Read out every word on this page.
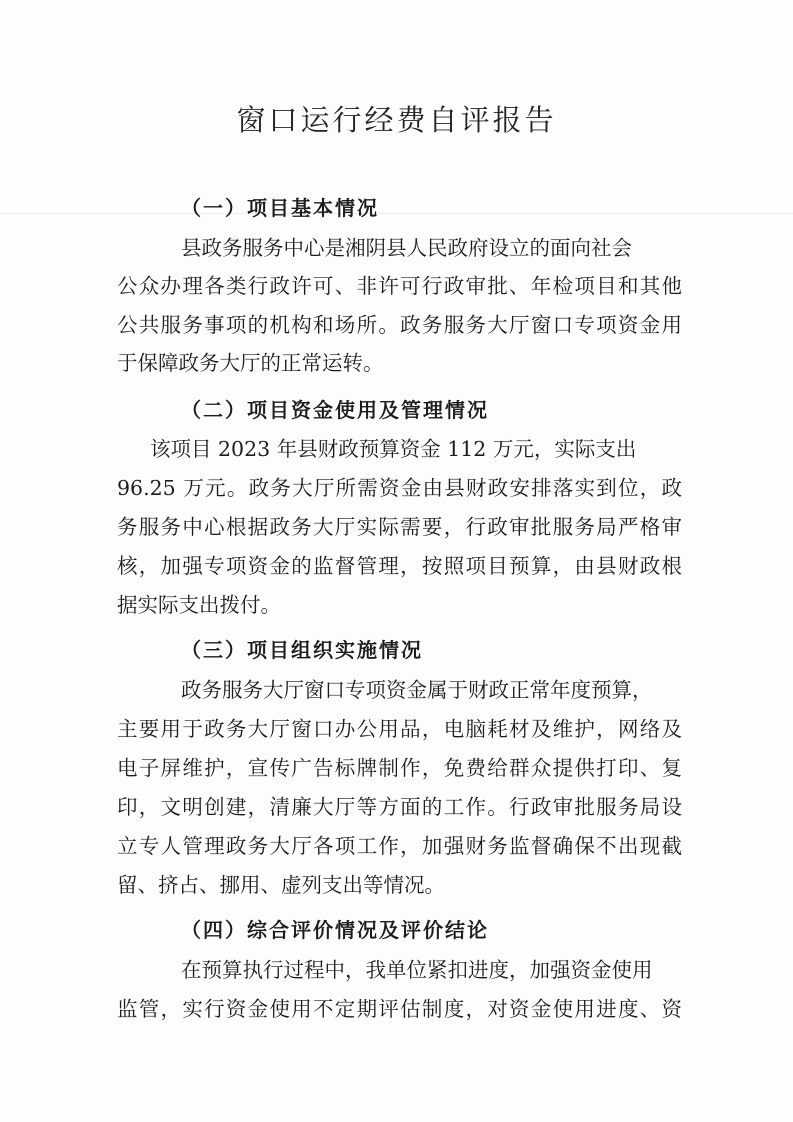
窗口运行经费自评报告
（一）项目基本情况
县政务服务中心是湘阴县人民政府设立的面向社会
公众办理各类行政许可、非许可行政审批、年检项目和其他
公共服务事项的机构和场所。政务服务大厅窗口专项资金用
于保障政务大厅的正常运转。
（二）项目资金使用及管理情况
该项目 2023 年县财政预算资金 112 万元，实际支出
96.25 万元。政务大厅所需资金由县财政安排落实到位，政
务服务中心根据政务大厅实际需要，行政审批服务局严格审
核，加强专项资金的监督管理，按照项目预算，由县财政根
据实际支出拨付。
（三）项目组织实施情况
政务服务大厅窗口专项资金属于财政正常年度预算，
主要用于政务大厅窗口办公用品，电脑耗材及维护，网络及
电子屏维护，宣传广告标牌制作，免费给群众提供打印、复
印，文明创建，清廉大厅等方面的工作。行政审批服务局设
立专人管理政务大厅各项工作，加强财务监督确保不出现截
留、挤占、挪用、虚列支出等情况。
（四）综合评价情况及评价结论
在预算执行过程中，我单位紧扣进度，加强资金使用
监管，实行资金使用不定期评估制度，对资金使用进度、资
